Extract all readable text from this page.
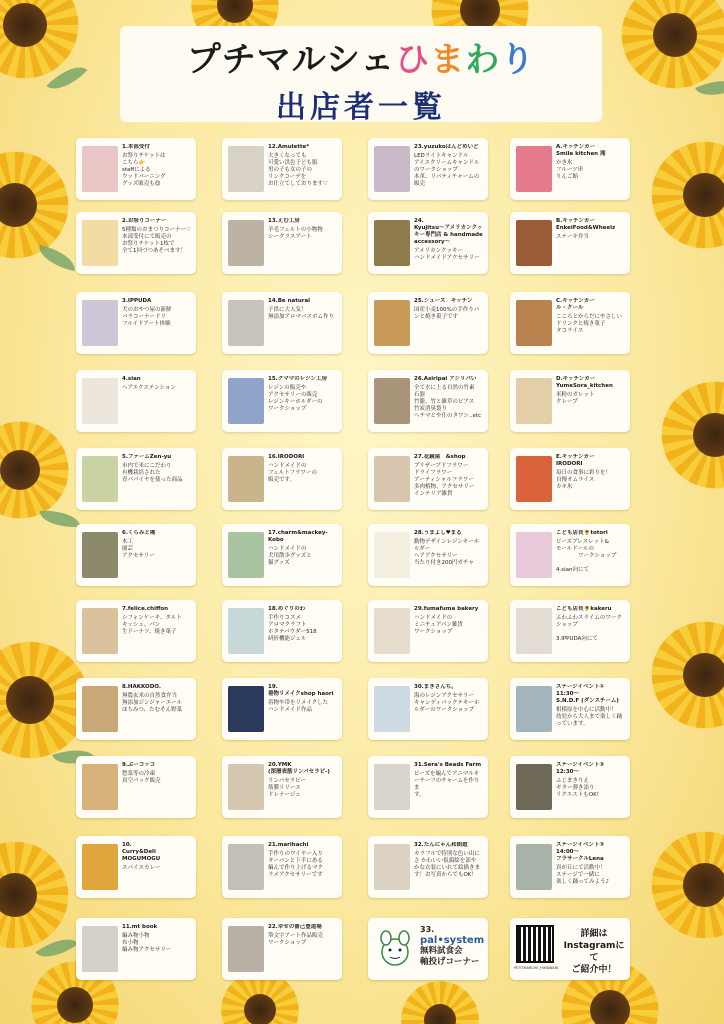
プチマルシェひまわり
出店者一覧
1.本部受付
お祭りチケットは
こちら👉
staffによる
ウッドバーニング
グッズ販売も😊
2.お祭りコーナー
5種類のおまつりコーナー♡
本部受付にて販売の
お祭りチケット1枚で
全て1回づつあそべます！
3.IPPUDA
犬のおやつ屋の新鮮
バラコーナードリ
フルイドアート体験
4.sian
ヘアエクステンション
5.ファームZen-yu
市内で米にこだわり
有機栽培された
青パパイヤを使った商品
6.くらみと庵
木工
園芸
アクセサリー
7.felice.chiffon
シフォンケーキ、タルト
キッシュ、パン
生ドーナツ、焼き菓子
8.HAKKODO.
無農玄米の自然食弁当
無添加ジンジャーエール
ほちみつ、たむそん野菜
9.ぷーコッコ
惣菜等の冷凍
真空パック販売
10.
Curry&Deli MOGUMOGU
スパイスカレー
11.mt book
編み物小物
布小物
編み物アクセサリー
12.Amulette*
大きくなっても
可愛い洪色子ども服
男の子も女の子の
リンクコーデを
お仕立てしております♡
13.えむ工房
羊毛フェルトの小物物
シーグラスアート
14.Be natural
子供に大人気！
無添加アロマバスボム作り
15.クママのレジン工房
レジンの販売や
アクセサリーの販売
レジンキーホルダーの
ワークショップ
16.IRODORI
ハンドメイドの
フェルトフラワーの
販売です。
17.charm&mackey-Kobo
ハンドメイドの
犬用散歩グッズと
猫グッズ
18.めぐりのわ
手作りコスメ
アロマクラフト
ホタテパウダー518
研折機能ジェル
19.
着物リメイクshop haori
着物や帯をリメイクした
ハンドメイド作品
20.YMK
(深層表筋リンパセラピ-)
リンパセラピー
筋膜リリース
ドレナージュ
21.marihachi
手作りのワイヤー入り
ターバンと下半にある
編んで作り上げるマク
ラメアクセサリーです
22.幸せの蕾己豊道場
筆文字アート作品販売
ワークショップ
23.yuzukoはんどめいど
LEDライトキャンドル
アイスクリームキャンドル
のワークショップ
本革、リバティチャームの
販売
24.
Kyujitsu〜アメリカンクッ
キー専門店 & handmade
accessory〜
アメリカンクッキー
ハンドメイドアクセサリー
25.シューズ　キッチン
国産小麦100%の手作りパ
ンと焼き菓子です
26.Asiripai アシリパい
全て水に上る自然の竹素
石器
竹籠、竹と雑草のピアス
竹炭消臭袋り
ヘチマとや仕のタワシ..etc
27.花鏡屋　&shop
プリザーブドフラワー
ドライフラワー
アーティシャルフラワー
多肉植物、アクセサリー
インテリア雑貨
28.うまよし♥まる
動物デザインレジンキーホ
ルダー
ヘアアクセサリー
当たり付き200円ガチャ
29.fumafuma bakery
ハンドメイドの
ミニチュアパン雑貨
ワークショップ
30.まきさんち。
海のレジンアクセサリー
キャンディパックテキーホ
ルダーのワークショップ
31.Sera's Beads Farm
ビーズを編んでアニマルキ
ーチーフのチャームを作りま
す。
32.たんにゃん和朗遊
カラフルで特別な色い出に
さ かわいい仮顔絵を部や
かな衣装にいれて絵描きま
す！お写真からでもOK！
A.キッチンカー
Smile kitchen 滝
かき氷
フルーツ串
りんご飴
B.キッチンカー
EnkeiFood&Wheelz
ステーキ弁当
C.キッチンカー
ル・クール
こころとからだにやさしい
ドリンクと焼き菓子
タコライス
D.キッチンカー
YumeSora_kitchen
米粉のガレット
クレープ
E.キッチンカー
IRODORI
毎日の食事に彩りを！
自慢オムライス
カキ氷
こども店長🌻totori
ビーズブレスレット&
モールドールの
　　　　ワークショップ

4.sian向にて
こども店長🌻kakeru
ふわふわスライムのワーク
ショップ

3.IPPUDA向にて
ステージイベント①
11:30〜
S.N.D.F (ダンスチーム)
相模原を中心に活動中！
幼児から大人まで楽しく踊
っています。
ステージイベント②
12:30〜
ふじまきりえ
ギター弾き語り
リクエストもOK!
ステージイベント③
14:00〜
フラサークルLena
真が丘にて活動中！
ステージで一緒に
楽しく踊ってみよう♪
33.
pal•system
無料試食会
軸投げコーナー
PETITMARCHE_HIMAWARI
詳細は
Instagramにて
ご紹介中！
